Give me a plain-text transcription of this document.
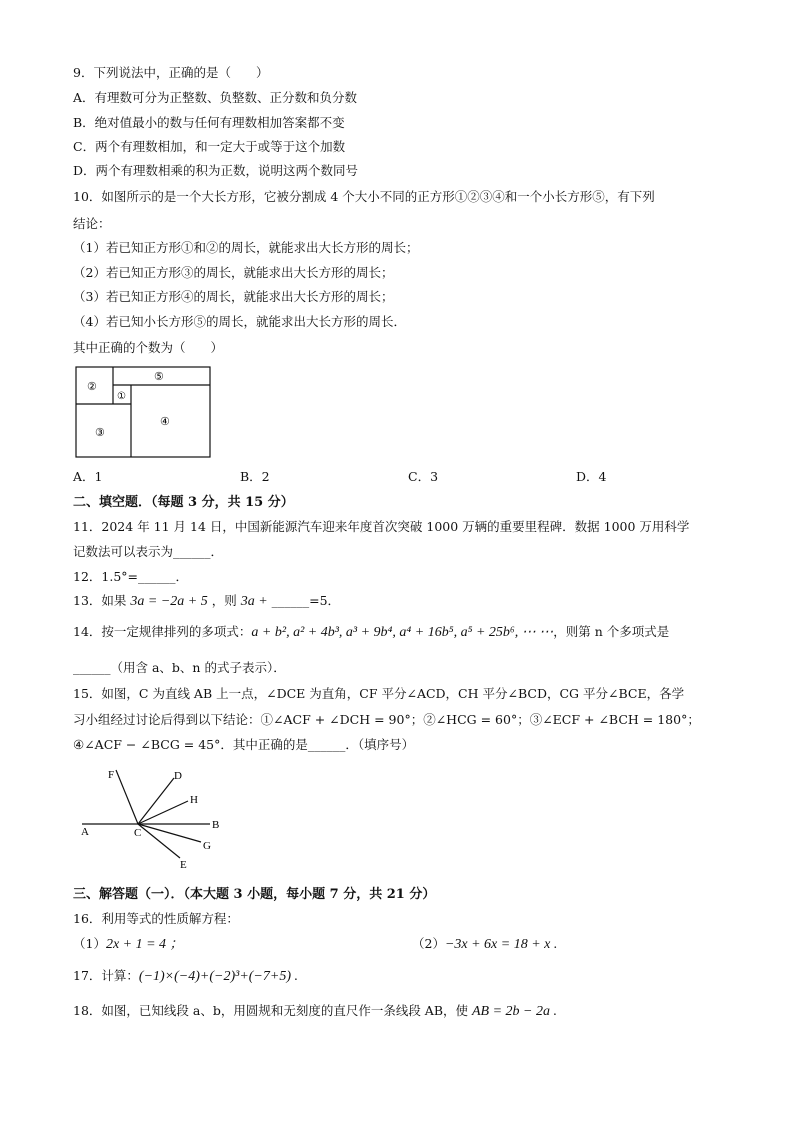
9．下列说法中，正确的是（　　）
A．有理数可分为正整数、负整数、正分数和负分数
B．绝对值最小的数与任何有理数相加答案都不变
C．两个有理数相加，和一定大于或等于这个加数
D．两个有理数相乘的积为正数，说明这两个数同号
10．如图所示的是一个大长方形，它被分割成 4 个大小不同的正方形①②③④和一个小长方形⑤，有下列
结论：
（1）若已知正方形①和②的周长，就能求出大长方形的周长；
（2）若已知正方形③的周长，就能求出大长方形的周长；
（3）若已知正方形④的周长，就能求出大长方形的周长；
（4）若已知小长方形⑤的周长，就能求出大长方形的周长．
其中正确的个数为（　　）
②
⑤
①
④
③
A．1	B．2	C．3	D．4
二、填空题．（每题 3 分，共 15 分）
11．2024 年 11 月 14 日，中国新能源汽车迎来年度首次突破 1000 万辆的重要里程碑．数据 1000 万用科学
记数法可以表示为______．
12．1.5°=______．
13．如果 3a = −2a + 5 ，则 3a + ______=5．
14．按一定规律排列的多项式：a + b², a² + 4b³, a³ + 9b⁴, a⁴ + 16b⁵, a⁵ + 25b⁶, ⋯ ⋯，则第 n 个多项式是
______（用含 a、b、n 的式子表示）．
15．如图，C 为直线 AB 上一点，∠DCE 为直角，CF 平分∠ACD，CH 平分∠BCD，CG 平分∠BCE，各学
习小组经过讨论后得到以下结论：①∠ACF + ∠DCH = 90°；②∠HCG = 60°；③∠ECF + ∠BCH = 180°；
④∠ACF − ∠BCG = 45°．其中正确的是______．（填序号）
F	D
H
A	C
B
G
E
三、解答题（一）．（本大题 3 小题，每小题 7 分，共 21 分）
16．利用等式的性质解方程：
（1）2x + 1 = 4 ；	（2）−3x + 6x = 18 + x .
17．计算：(−1)×(−4)+(−2)³+(−7+5) .
18．如图，已知线段 a、b，用圆规和无刻度的直尺作一条线段 AB，使 AB = 2b − 2a .
